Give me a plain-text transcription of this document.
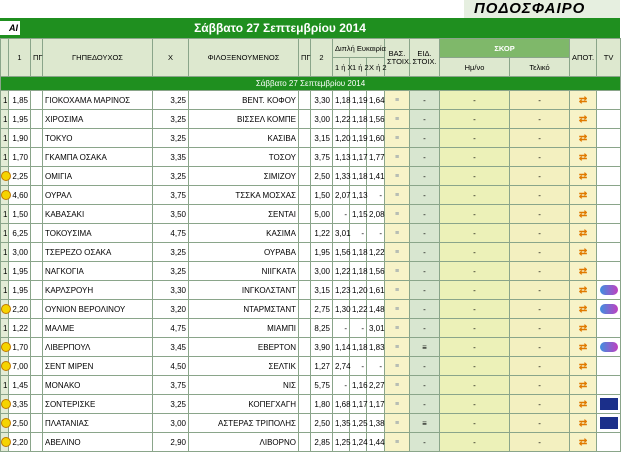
ΠΟΔΟΣΦΑΙΡΟ
ΑΙ	Σάββατο 27 Σεπτεμβρίου 2014
	1	ΠΓ	ΓΗΠΕΔΟΥΧΟΣ	Χ	ΦΙΛΟΞΕΝΟΥΜΕΝΟΣ	ΠΓ	2	Διπλή Ευκαιρία			ΒΑΣ. ΣΤΟΙΧ.	ΕΙΔ. ΣΤΟΙΧ.	ΣΚΟΡ		ΑΠΟΤ.	TV
								1 ή Χ	1 ή 2	Χ ή 2			Ημ/νο	Τελικό		
Σάββατο 27 Σεπτεμβρίου 2014																
1	1,85		ΓΙΟΚΟΧΑΜΑ ΜΑΡΙΝΟΣ	3,25	ΒΕΝΤ. ΚΟΦΟΥ		3,30	1,18	1,19	1,64	≡	-	-	-	⇄	
1	1,95		ΧΙΡΟΣΙΜΑ	3,25	ΒΙΣΣΕΛ ΚΟΜΠΕ		3,00	1,22	1,18	1,56	≡	-	-	-	⇄	
1	1,90		ΤΟΚΥΟ	3,25	ΚΑΣΙΒΑ		3,15	1,20	1,19	1,60	≡	-	-	-	⇄	
1	1,70		ΓΚΑΜΠΑ ΟΣΑΚΑ	3,35	ΤΟΣΟΥ		3,75	1,13	1,17	1,77	≡	-	-	-	⇄	
	2,25		ΟΜΙΓΙΑ	3,25	ΣΙΜΙΖΟΥ		2,50	1,33	1,18	1,41	≡	-	-	-	⇄	
	4,60		ΟΥΡΑΛ	3,75	ΤΣΣΚΑ ΜΟΣΧΑΣ		1,50	2,07	1,13	-	≡	-	-	-	⇄	
1	1,50		ΚΑΒΑΣΑΚΙ	3,50	ΣΕΝΤΑΙ		5,00	-	1,15	2,08	≡	-	-	-	⇄	
1	6,25		ΤΟΚΟΥΣΙΜΑ	4,75	ΚΑΣΙΜΑ		1,22	3,01	-	-	≡	-	-	-	⇄	
1	3,00		ΤΣΕΡΕΖΟ ΟΣΑΚΑ	3,25	ΟΥΡΑΒΑ		1,95	1,56	1,18	1,22	≡	-	-	-	⇄	
1	1,95		ΝΑΓΚΟΓΙΑ	3,25	ΝΙΙΓΚΑΤΑ		3,00	1,22	1,18	1,56	≡	-	-	-	⇄	
1	1,95		ΚΑΡΛΣΡΟΥΗ	3,30	ΙΝΓΚΟΛΣΤΑΝΤ		3,15	1,23	1,20	1,61	≡	-	-	-	⇄	
	2,20		ΟΥΝΙΟΝ ΒΕΡΟΛΙΝΟΥ	3,20	ΝΤΑΡΜΣΤΑΝΤ		2,75	1,30	1,22	1,48	≡	-	-	-	⇄	
1	1,22		ΜΑΛΜΕ	4,75	ΜΙΑΜΠΙ		8,25	-	-	3,01	≡	-	-	-	⇄	
	1,70		ΛΙΒΕΡΠΟΥΛ	3,45	ΕΒΕΡΤΟΝ		3,90	1,14	1,18	1,83	≡	≡	-	-	⇄	
	7,00		ΣΕΝΤ ΜΙΡΕΝ	4,50	ΣΕΛΤΙΚ		1,27	2,74	-	-	≡	-	-	-	⇄	
1	1,45		ΜΟΝΑΚΟ	3,75	ΝΙΣ		5,75	-	1,16	2,27	≡	-	-	-	⇄	
	3,35		ΣΟΝΤΕΡΙΣΚΕ	3,25	ΚΟΠΕΓΧΑΓΗ		1,80	1,68	1,17	1,17	≡	-	-	-	⇄	
	2,50		ΠΛΑΤΑΝΙΑΣ	3,00	ΑΣΤΕΡΑΣ ΤΡΙΠΟΛΗΣ		2,50	1,35	1,25	1,38	≡	≡	-	-	⇄	
	2,20		ΑΒΕΛΙΝΟ	2,90	ΛΙΒΟΡΝΟ		2,85	1,25	1,24	1,44	≡	-	-	-	⇄	
